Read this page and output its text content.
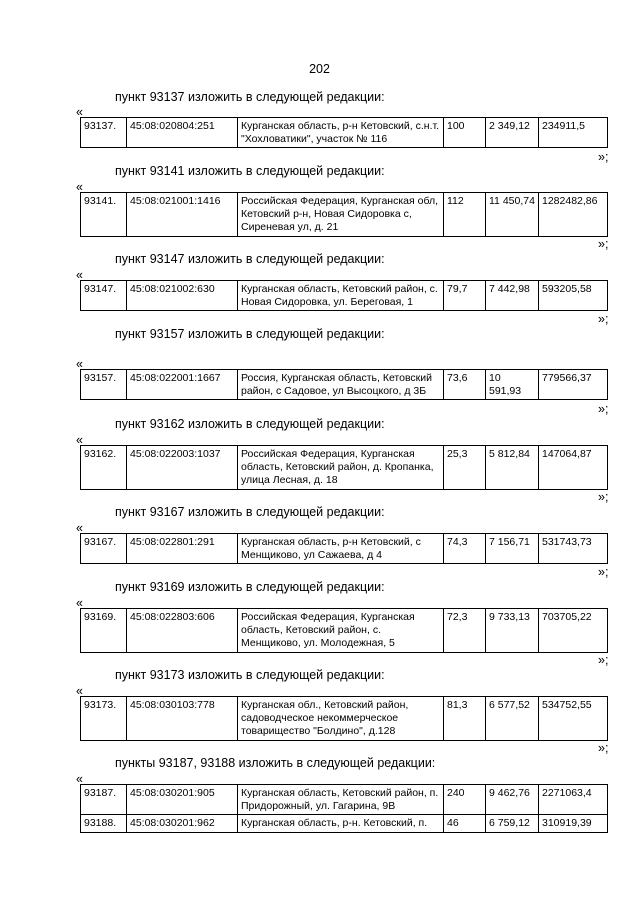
202
пункт 93137 изложить в следующей редакции:
«
93137.	45:08:020804:251	Курганская область, р-н Кетовский, с.н.т. "Хохловатики", участок № 116	100	2 349,12	234911,5
»;
пункт 93141 изложить в следующей редакции:
«
93141.	45:08:021001:1416	Российская Федерация, Курганская обл, Кетовский р-н, Новая Сидоровка с, Сиреневая ул, д. 21	112	11 450,74	1282482,86
»;
пункт 93147 изложить в следующей редакции:
«
93147.	45:08:021002:630	Курганская область, Кетовский район, с. Новая Сидоровка, ул. Береговая, 1	79,7	7 442,98	593205,58
»;
пункт 93157 изложить в следующей редакции:
«
93157.	45:08:022001:1667	Россия, Курганская область, Кетовский район, с Садовое, ул Высоцкого, д 3Б	73,6	10 591,93	779566,37
»;
пункт 93162 изложить в следующей редакции:
«
93162.	45:08:022003:1037	Российская Федерация, Курганская область, Кетовский район, д. Кропанка, улица Лесная, д. 18	25,3	5 812,84	147064,87
»;
пункт 93167 изложить в следующей редакции:
«
93167.	45:08:022801:291	Курганская область, р-н Кетовский, с Менщиково, ул Сажаева, д 4	74,3	7 156,71	531743,73
»;
пункт 93169 изложить в следующей редакции:
«
93169.	45:08:022803:606	Российская Федерация, Курганская область, Кетовский район, с. Менщиково, ул. Молодежная, 5	72,3	9 733,13	703705,22
»;
пункт 93173 изложить в следующей редакции:
«
93173.	45:08:030103:778	Курганская обл., Кетовский район, садоводческое некоммерческое товарищество "Болдино", д.128	81,3	6 577,52	534752,55
»;
пункты 93187, 93188 изложить в следующей редакции:
«
93187.	45:08:030201:905	Курганская область, Кетовский район, п. Придорожный, ул. Гагарина, 9В	240	9 462,76	2271063,4
93188.	45:08:030201:962	Курганская область, р-н. Кетовский, п.	46	6 759,12	310919,39
